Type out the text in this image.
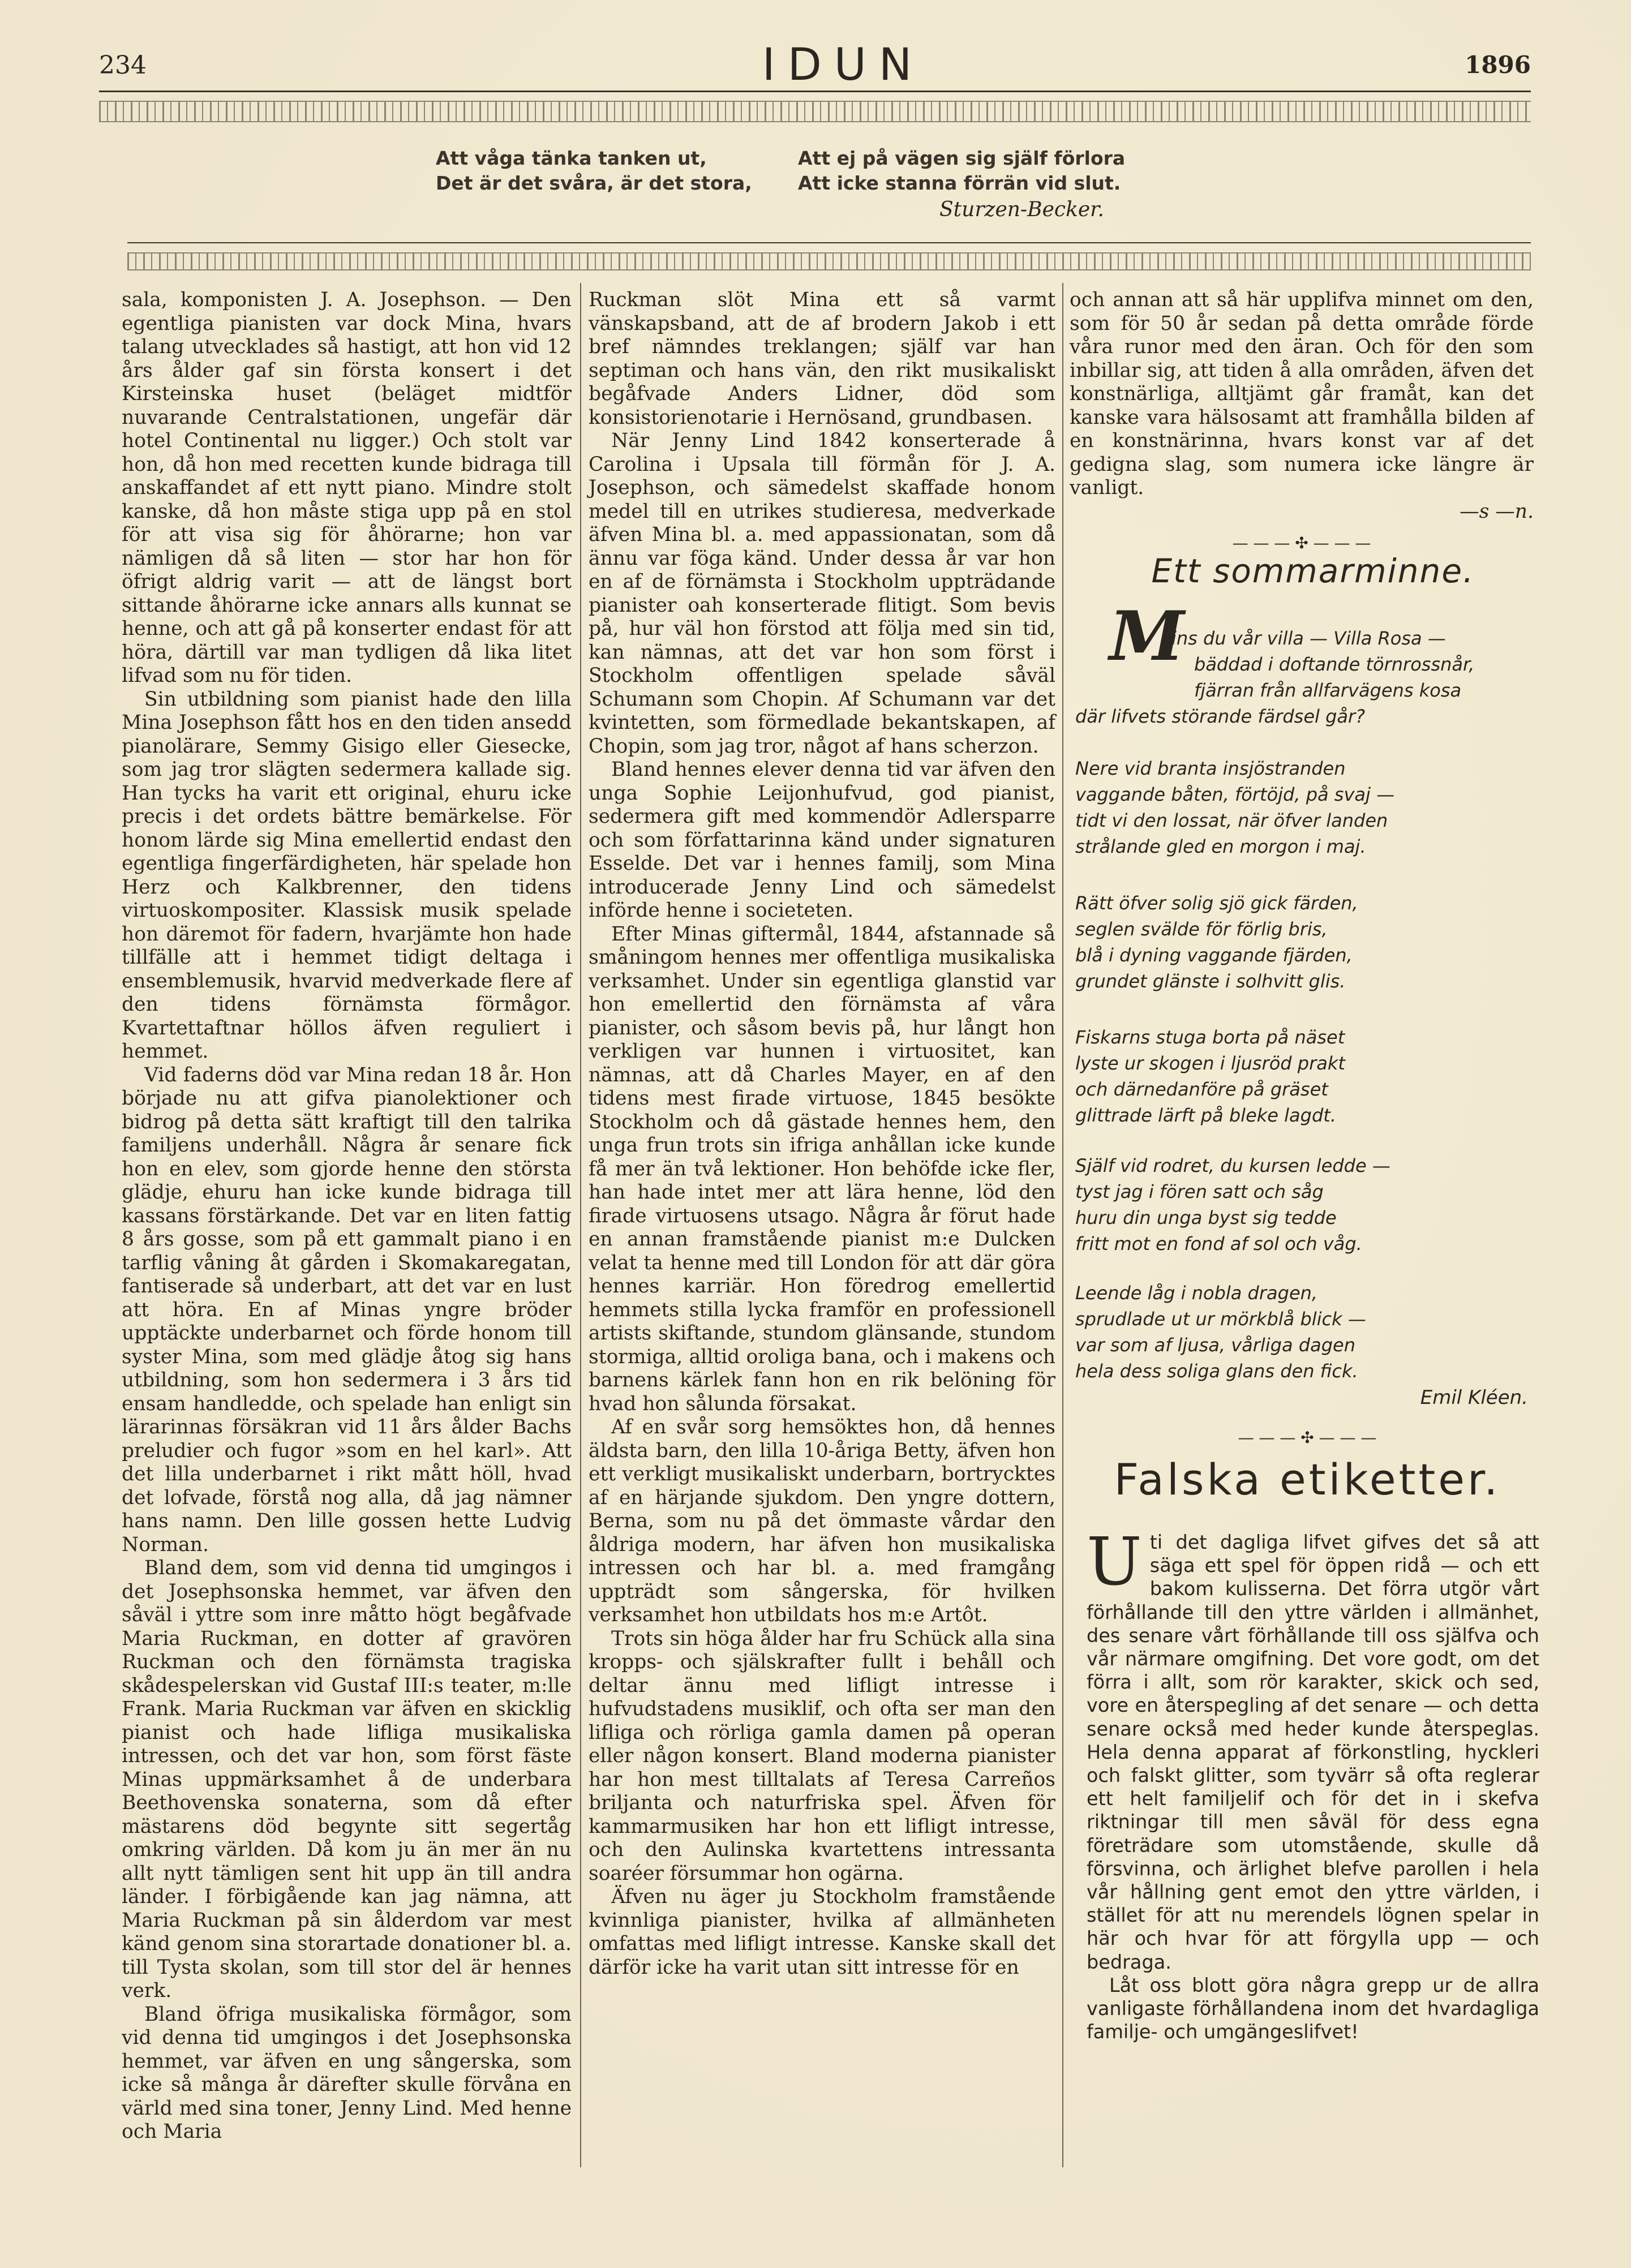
234	IDUN	1896
Att våga tänka tanken ut,
Det är det svåra, är det stora,
Att ej på vägen sig själf förlora
Att icke stanna förrän vid slut.
Sturzen-Becker.

sala, komponisten J. A. Josephson. — Den egentliga pianisten var dock Mina, hvars talang utvecklades så hastigt, att hon vid 12 års ålder gaf sin första konsert i det Kirsteinska huset (beläget midtför nuvarande Centralstationen, ungefär där hotel Continental nu ligger.) Och stolt var hon, då hon med recetten kunde bidraga till anskaffandet af ett nytt piano. Mindre stolt kanske, då hon måste stiga upp på en stol för att visa sig för åhörarne; hon var nämligen då så liten — stor har hon för öfrigt aldrig varit — att de längst bort sittande åhörarne icke annars alls kunnat se henne, och att gå på konserter endast för att höra, därtill var man tydligen då lika litet lifvad som nu för tiden.

Sin utbildning som pianist hade den lilla Mina Josephson fått hos en den tiden ansedd pianolärare, Semmy Gisigo eller Giesecke, som jag tror slägten sedermera kallade sig. Han tycks ha varit ett original, ehuru icke precis i det ordets bättre bemärkelse. För honom lärde sig Mina emellertid endast den egentliga fingerfärdigheten, här spelade hon Herz och Kalkbrenner, den tidens virtuoskompositer. Klassisk musik spelade hon däremot för fadern, hvarjämte hon hade tillfälle att i hemmet tidigt deltaga i ensemblemusik, hvarvid medverkade flere af den tidens förnämsta förmågor. Kvartettaftnar höllos äfven reguliert i hemmet.

Vid faderns död var Mina redan 18 år. Hon började nu att gifva pianolektioner och bidrog på detta sätt kraftigt till den talrika familjens underhåll. Några år senare fick hon en elev, som gjorde henne den största glädje, ehuru han icke kunde bidraga till kassans förstärkande. Det var en liten fattig 8 års gosse, som på ett gammalt piano i en tarflig våning åt gården i Skomakaregatan, fantiserade så underbart, att det var en lust att höra. En af Minas yngre bröder upptäckte underbarnet och förde honom till syster Mina, som med glädje åtog sig hans utbildning, som hon sedermera i 3 års tid ensam handledde, och spelade han enligt sin lärarinnas försäkran vid 11 års ålder Bachs preludier och fugor »som en hel karl». Att det lilla underbarnet i rikt mått höll, hvad det lofvade, förstå nog alla, då jag nämner hans namn. Den lille gossen hette Ludvig Norman.

Bland dem, som vid denna tid umgingos i det Josephsonska hemmet, var äfven den såväl i yttre som inre måtto högt begåfvade Maria Ruckman, en dotter af gravören Ruckman och den förnämsta tragiska skådespelerskan vid Gustaf III:s teater, m:lle Frank. Maria Ruckman var äfven en skicklig pianist och hade lifliga musikaliska intressen, och det var hon, som först fäste Minas uppmärksamhet å de underbara Beethovenska sonaterna, som då efter mästarens död begynte sitt segertåg omkring världen. Då kom ju än mer än nu allt nytt tämligen sent hit upp än till andra länder. I förbigående kan jag nämna, att Maria Ruckman på sin ålderdom var mest känd genom sina storartade donationer bl. a. till Tysta skolan, som till stor del är hennes verk.

Bland öfriga musikaliska förmågor, som vid denna tid umgingos i det Josephsonska hemmet, var äfven en ung sångerska, som icke så många år därefter skulle förvåna en värld med sina toner, Jenny Lind. Med henne och Maria

Ruckman slöt Mina ett så varmt vänskapsband, att de af brodern Jakob i ett bref nämndes treklangen; själf var han septiman och hans vän, den rikt musikaliskt begåfvade Anders Lidner, död som konsistorienotarie i Hernösand, grundbasen.

När Jenny Lind 1842 konserterade å Carolina i Upsala till förmån för J. A. Josephson, och sämedelst skaffade honom medel till en utrikes studieresa, medverkade äfven Mina bl. a. med appassionatan, som då ännu var föga känd. Under dessa år var hon en af de förnämsta i Stockholm uppträdande pianister oah konserterade flitigt. Som bevis på, hur väl hon förstod att följa med sin tid, kan nämnas, att det var hon som först i Stockholm offentligen spelade såväl Schumann som Chopin. Af Schumann var det kvintetten, som förmedlade bekantskapen, af Chopin, som jag tror, något af hans scherzon.

Bland hennes elever denna tid var äfven den unga Sophie Leijonhufvud, god pianist, sedermera gift med kommendör Adlersparre och som författarinna känd under signaturen Esselde. Det var i hennes familj, som Mina introducerade Jenny Lind och sämedelst införde henne i societeten.

Efter Minas giftermål, 1844, afstannade så småningom hennes mer offentliga musikaliska verksamhet. Under sin egentliga glanstid var hon emellertid den förnämsta af våra pianister, och såsom bevis på, hur långt hon verkligen var hunnen i virtuositet, kan nämnas, att då Charles Mayer, en af den tidens mest firade virtuose, 1845 besökte Stockholm och då gästade hennes hem, den unga frun trots sin ifriga anhållan icke kunde få mer än två lektioner. Hon behöfde icke fler, han hade intet mer att lära henne, löd den firade virtuosens utsago. Några år förut hade en annan framstående pianist m:e Dulcken velat ta henne med till London för att där göra hennes karriär. Hon föredrog emellertid hemmets stilla lycka framför en professionell artists skiftande, stundom glänsande, stundom stormiga, alltid oroliga bana, och i makens och barnens kärlek fann hon en rik belöning för hvad hon sålunda försakat.

Af en svår sorg hemsöktes hon, då hennes äldsta barn, den lilla 10-åriga Betty, äfven hon ett verkligt musikaliskt underbarn, bortrycktes af en härjande sjukdom. Den yngre dottern, Berna, som nu på det ömmaste vårdar den åldriga modern, har äfven hon musikaliska intressen och har bl. a. med framgång uppträdt som sångerska, för hvilken verksamhet hon utbildats hos m:e Artôt.

Trots sin höga ålder har fru Schück alla sina kropps- och själskrafter fullt i behåll och deltar ännu med lifligt intresse i hufvudstadens musiklif, och ofta ser man den lifliga och rörliga gamla damen på operan eller någon konsert. Bland moderna pianister har hon mest tilltalats af Teresa Carreños briljanta och naturfriska spel. Äfven för kammarmusiken har hon ett lifligt intresse, och den Aulinska kvartettens intressanta soaréer försummar hon ogärna.

Äfven nu äger ju Stockholm framstående kvinnliga pianister, hvilka af allmänheten omfattas med lifligt intresse. Kanske skall det därför icke ha varit utan sitt intresse för en

och annan att så här upplifva minnet om den, som för 50 år sedan på detta område förde våra runor med den äran. Och för den som inbillar sig, att tiden å alla områden, äfven det konstnärliga, alltjämt går framåt, kan det kanske vara hälsosamt att framhålla bilden af en konstnärinna, hvars konst var af det gedigna slag, som numera icke längre är vanligt.

—s —n.
— — — ✣ — — —
Ett sommarminne.
M
ins du vår villa — Villa Rosa —
bäddad i doftande törnrossnår,
fjärran från allfarvägens kosa
där lifvets störande färdsel går?
Nere vid branta insjöstranden
vaggande båten, förtöjd, på svaj —
tidt vi den lossat, när öfver landen
strålande gled en morgon i maj.
Rätt öfver solig sjö gick färden,
seglen svälde för förlig bris,
blå i dyning vaggande fjärden,
grundet glänste i solhvitt glis.
Fiskarns stuga borta på näset
lyste ur skogen i ljusröd prakt
och därnedanföre på gräset
glittrade lärft på bleke lagdt.
Själf vid rodret, du kursen ledde —
tyst jag i fören satt och såg
huru din unga byst sig tedde
fritt mot en fond af sol och våg.
Leende låg i nobla dragen,
sprudlade ut ur mörkblå blick —
var som af ljusa, vårliga dagen
hela dess soliga glans den fick.
Emil Kléen.
— — — ✣ — — —
Falska etiketter.
U ti det dagliga lifvet gifves det så att säga ett spel för öppen ridå — och ett bakom kulisserna. Det förra utgör vårt förhållande till den yttre världen i allmänhet, des senare vårt förhållande till oss själfva och vår närmare omgifning. Det vore godt, om det förra i allt, som rör karakter, skick och sed, vore en återspegling af det senare — och detta senare också med heder kunde återspeglas. Hela denna apparat af förkonstling, hyckleri och falskt glitter, som tyvärr så ofta reglerar ett helt familjelif och för det in i skefva riktningar till men såväl för dess egna företrädare som utomstående, skulle då försvinna, och ärlighet blefve parollen i hela vår hållning gent emot den yttre världen, i stället för att nu merendels lögnen spelar in här och hvar för att förgylla upp — och bedraga.

Låt oss blott göra några grepp ur de allra vanligaste förhållandena inom det hvardagliga familje- och umgängeslifvet!
